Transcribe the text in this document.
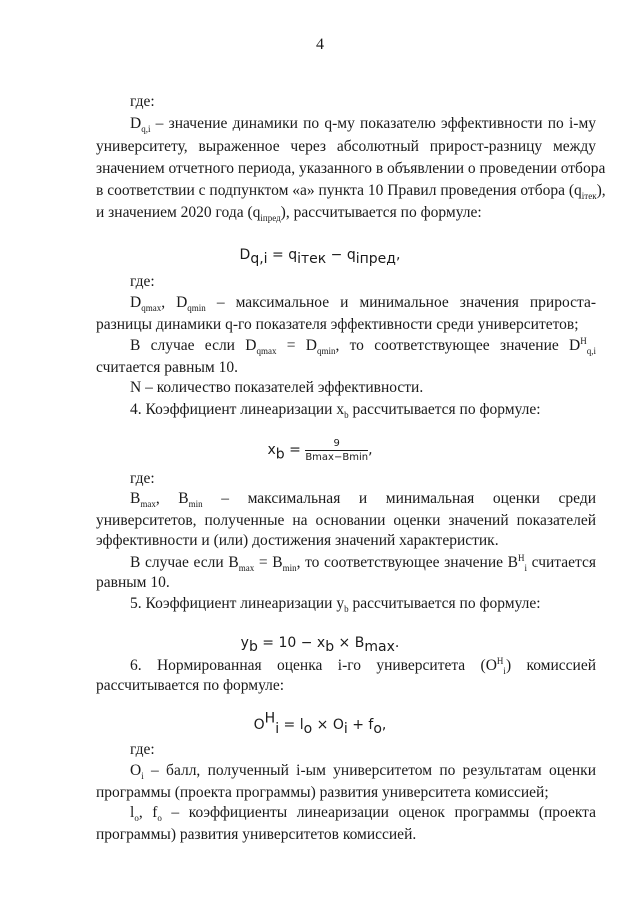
4
где:
$D_{q,i}$ – значение динамики по q-му показателю эффективности по i-му
университету, выраженное через абсолютный прирост-разницу между
значением отчетного периода, указанного в объявлении о проведении отбора
в соответствии с подпунктом «а» пункта 10 Правил проведения отбора $(q_{iтек})$,
и значением 2020 года $(q_{iпред})$, рассчитывается по формуле:
$D_{q,i} = q_{iтек} - q_{iпред}$,
где:
$D_{qmax}$, $D_{qmin}$ – максимальное и минимальное значения прироста-
разницы динамики q-го показателя эффективности среди университетов;
В случае если $D_{qmax} = D_{qmin}$, то соответствующее значение $D^H_{q,i}$
считается равным 10.
N – количество показателей эффективности.
4. Коэффициент линеаризации $x_b$ рассчитывается по формуле:
$x_b = \frac{9}{Bmax-Bmin}$ ,
где:
$B_{max}$, $B_{min}$ – максимальная и минимальная оценки среди
университетов, полученные на основании оценки значений показателей
эффективности и (или) достижения значений характеристик.
В случае если $B_{max} = B_{min}$, то соответствующее значение $B^H_i$ считается
равным 10.
5. Коэффициент линеаризации $y_b$ рассчитывается по формуле:
$y_b = 10 - x_b \times B_{max}$.
6. Нормированная оценка i-го университета $(O^H_i)$ комиссией
рассчитывается по формуле:
$O^H_i = l_o \times O_i + f_o$,
где:
$O_i$ – балл, полученный i-ым университетом по результатам оценки
программы (проекта программы) развития университета комиссией;
$l_o$, $f_o$ – коэффициенты линеаризации оценок программы (проекта
программы) развития университетов комиссией.
